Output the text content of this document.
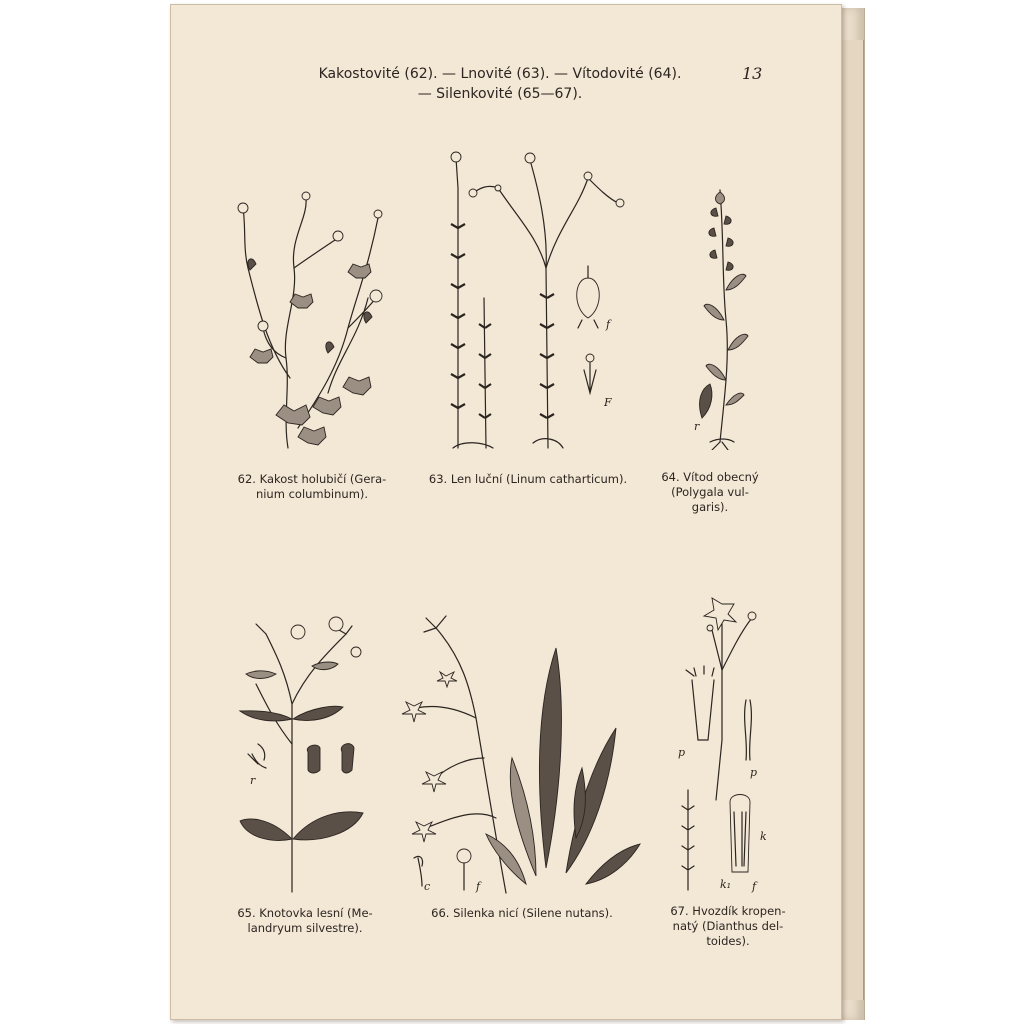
Kakostovité (62). — Lnovité (63). — Vítodovité (64).
— Silenkovité (65—67).
13
62. Kakost holubičí (Gera-
nium columbinum).
f
F
63. Len luční (Linum catharticum).
r
64. Vítod obecný
(Polygala vul-
garis).
r
65. Knotovka lesní (Me-
landryum silvestre).
c	f
66. Silenka nicí (Silene nutans).
p
p
k
k₁ f
67. Hvozdík kropen-
natý (Dianthus del-
toides).
